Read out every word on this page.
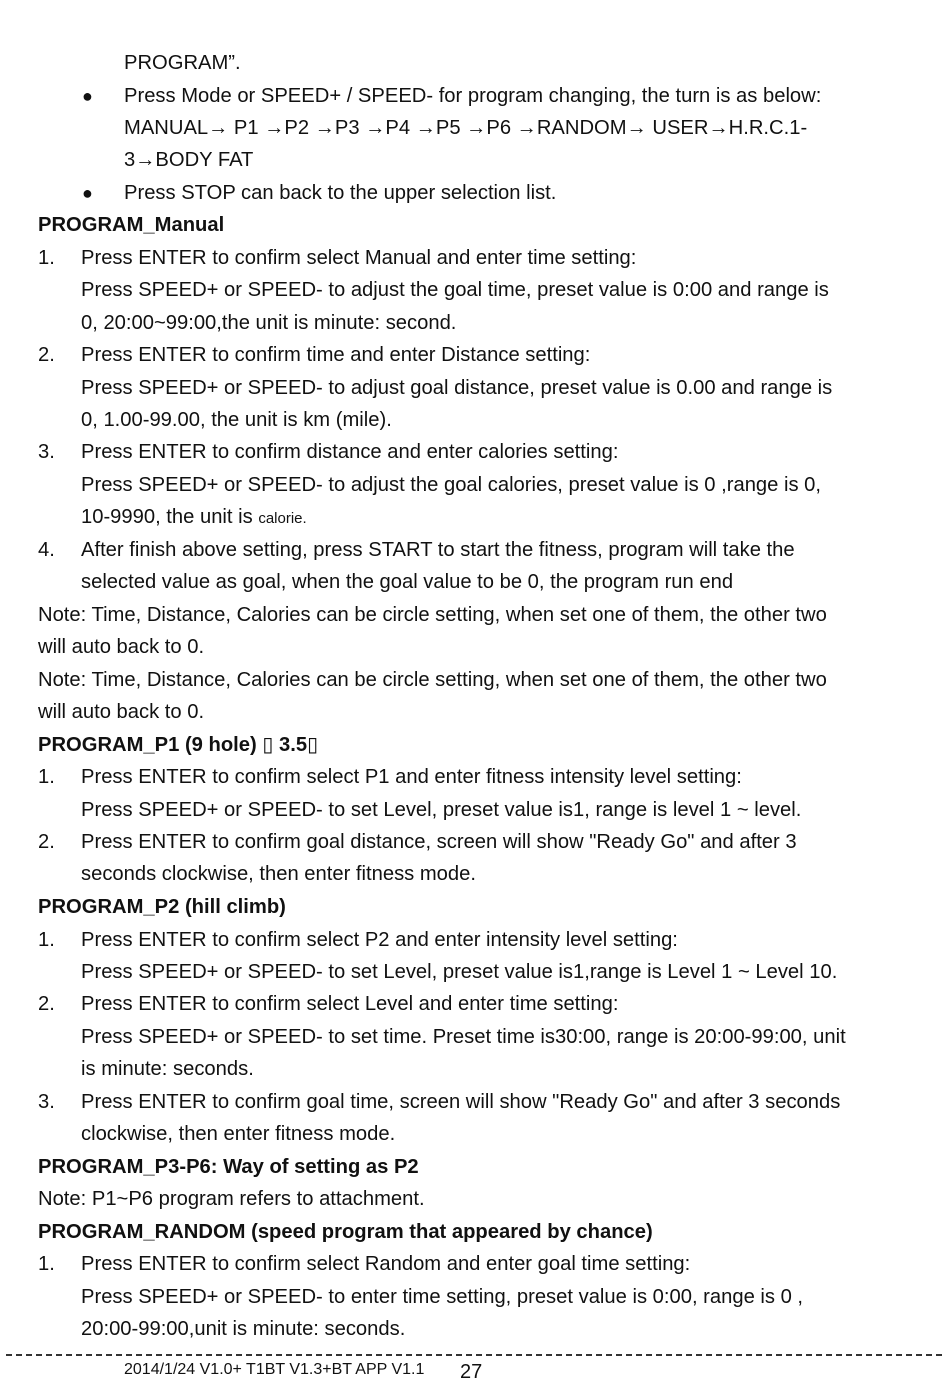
PROGRAM”.
● Press Mode or SPEED+ / SPEED- for program changing, the turn is as below:
MANUAL→ P1 →P2 →P3 →P4 →P5 →P6 →RANDOM→ USER→H.R.C.1-
3→BODY FAT
● Press STOP can back to the upper selection list.
PROGRAM_Manual
1. Press ENTER to confirm select Manual and enter time setting:
Press SPEED+ or SPEED- to adjust the goal time, preset value is 0:00 and range is
0, 20:00~99:00,the unit is minute: second.
2. Press ENTER to confirm time and enter Distance setting:
Press SPEED+ or SPEED- to adjust goal distance, preset value is 0.00 and range is
0, 1.00-99.00, the unit is km (mile).
3. Press ENTER to confirm distance and enter calories setting:
Press SPEED+ or SPEED- to adjust the goal calories, preset value is 0 ,range is 0,
10-9990, the unit is calorie.
4. After finish above setting, press START to start the fitness, program will take the
selected value as goal, when the goal value to be 0, the program run end
Note: Time, Distance, Calories can be circle setting, when set one of them, the other two
will auto back to 0.
Note: Time, Distance, Calories can be circle setting, when set one of them, the other two
will auto back to 0.
PROGRAM_P1 (9 hole) ▯ 3.5▯
1. Press ENTER to confirm select P1 and enter fitness intensity level setting:
Press SPEED+ or SPEED- to set Level, preset value is1, range is level 1 ~ level.
2. Press ENTER to confirm goal distance, screen will show "Ready Go" and after 3
seconds clockwise, then enter fitness mode.
PROGRAM_P2 (hill climb)
1. Press ENTER to confirm select P2 and enter intensity level setting:
Press SPEED+ or SPEED- to set Level, preset value is1,range is Level 1 ~ Level 10.
2. Press ENTER to confirm select Level and enter time setting:
Press SPEED+ or SPEED- to set time. Preset time is30:00, range is 20:00-99:00, unit
is minute: seconds.
3. Press ENTER to confirm goal time, screen will show "Ready Go" and after 3 seconds
clockwise, then enter fitness mode.
PROGRAM_P3-P6: Way of setting as P2
Note: P1~P6 program refers to attachment.
PROGRAM_RANDOM (speed program that appeared by chance)
1. Press ENTER to confirm select Random and enter goal time setting:
Press SPEED+ or SPEED- to enter time setting, preset value is 0:00, range is 0 ,
20:00-99:00,unit is minute: seconds.
2014/1/24 V1.0+ T1BT V1.3+BT APP V1.1 27
